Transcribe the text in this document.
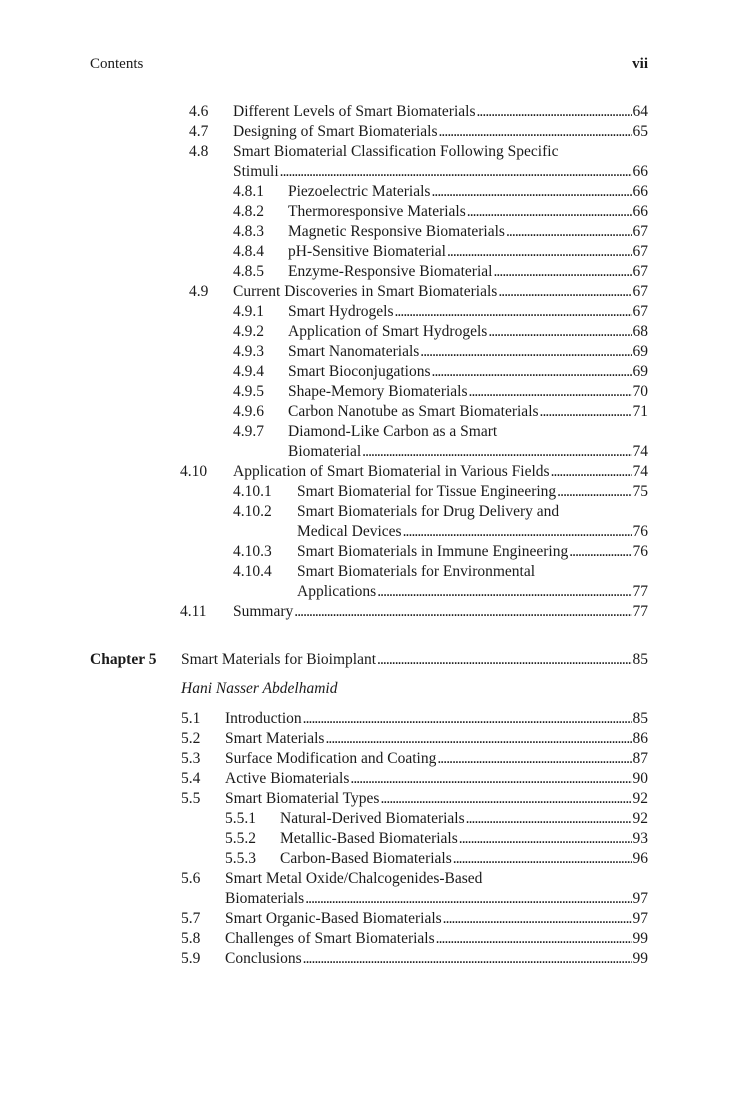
Contents	vii
4.6 Different Levels of Smart Biomaterials . . .	64
4.7 Designing of Smart Biomaterials . . .	65
4.8 Smart Biomaterial Classification Following Specific
Stimuli . . .	66
4.8.1 Piezoelectric Materials . . .	66
4.8.2 Thermoresponsive Materials . . .	66
4.8.3 Magnetic Responsive Biomaterials . . .	67
4.8.4 pH-Sensitive Biomaterial . . .	67
4.8.5 Enzyme-Responsive Biomaterial . . .	67
4.9 Current Discoveries in Smart Biomaterials . . .	67
4.9.1 Smart Hydrogels . . .	67
4.9.2 Application of Smart Hydrogels . . .	68
4.9.3 Smart Nanomaterials . . .	69
4.9.4 Smart Bioconjugations . . .	69
4.9.5 Shape-Memory Biomaterials . . .	70
4.9.6 Carbon Nanotube as Smart Biomaterials . . .	71
4.9.7 Diamond-Like Carbon as a Smart
Biomaterial . . .	74
4.10 Application of Smart Biomaterial in Various Fields . . .	74
4.10.1 Smart Biomaterial for Tissue Engineering . . .	75
4.10.2 Smart Biomaterials for Drug Delivery and
Medical Devices . . .	76
4.10.3 Smart Biomaterials in Immune Engineering . . .	76
4.10.4 Smart Biomaterials for Environmental
Applications . . .	77
4.11 Summary . . .	77
Chapter 5 Smart Materials for Bioimplant . . .	85
Hani Nasser Abdelhamid
5.1 Introduction . . .	85
5.2 Smart Materials . . .	86
5.3 Surface Modification and Coating . . .	87
5.4 Active Biomaterials . . .	90
5.5 Smart Biomaterial Types . . .	92
5.5.1 Natural-Derived Biomaterials . . .	92
5.5.2 Metallic-Based Biomaterials . . .	93
5.5.3 Carbon-Based Biomaterials . . .	96
5.6 Smart Metal Oxide/Chalcogenides-Based
Biomaterials . . .	97
5.7 Smart Organic-Based Biomaterials . . .	97
5.8 Challenges of Smart Biomaterials . . .	99
5.9 Conclusions . . .	99
